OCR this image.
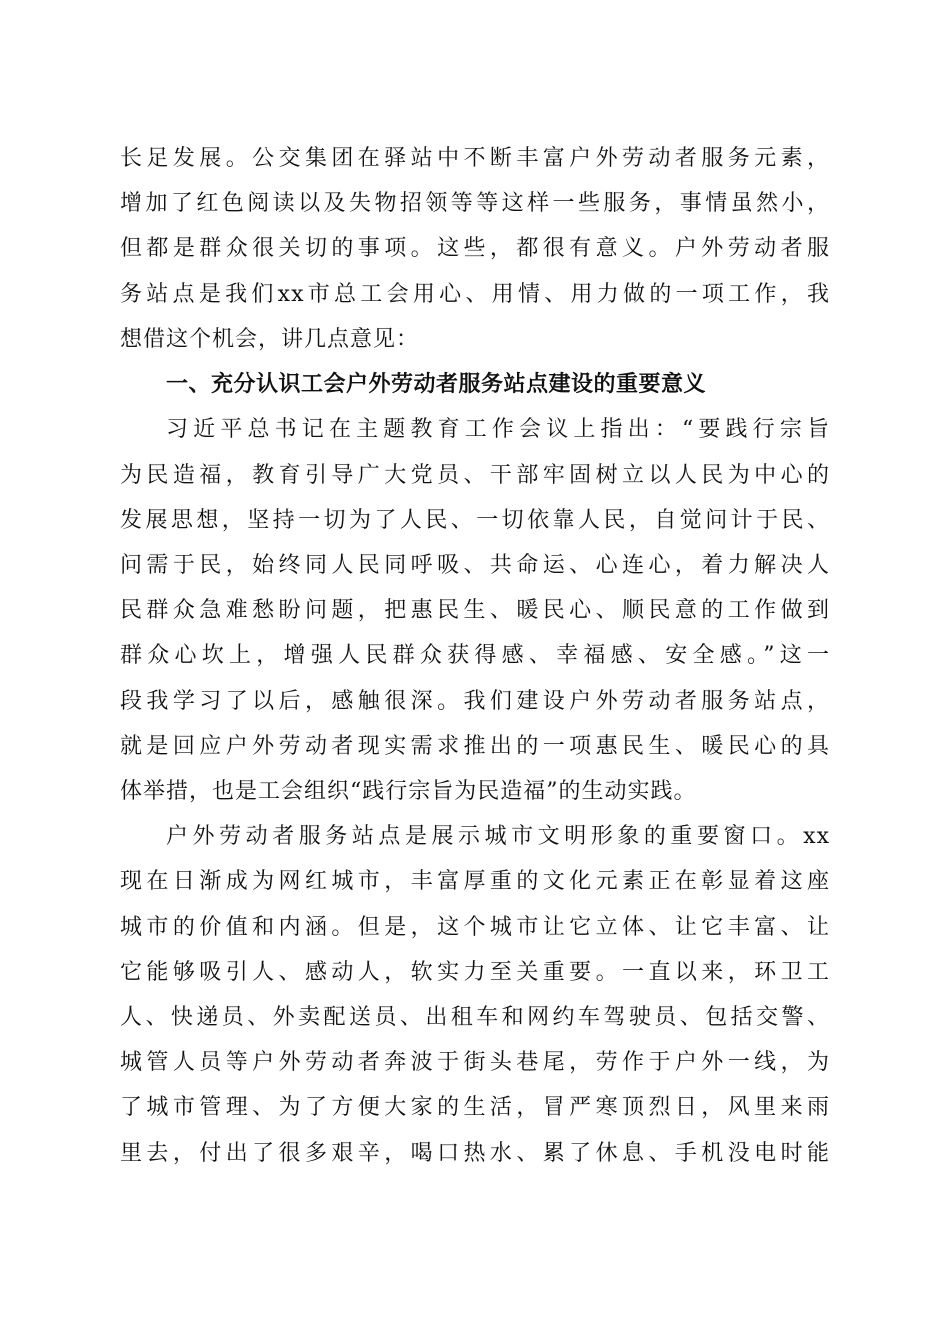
长足发展。公交集团在驿站中不断丰富户外劳动者服务元素，
增加了红色阅读以及失物招领等等这样一些服务，事情虽然小，
但都是群众很关切的事项。这些，都很有意义。户外劳动者服
务站点是我们xx市总工会用心、用情、用力做的一项工作，我
想借这个机会，讲几点意见：
一、充分认识工会户外劳动者服务站点建设的重要意义
习近平总书记在主题教育工作会议上指出：“要践行宗旨
为民造福，教育引导广大党员、干部牢固树立以人民为中心的
发展思想，坚持一切为了人民、一切依靠人民，自觉问计于民、
问需于民，始终同人民同呼吸、共命运、心连心，着力解决人
民群众急难愁盼问题，把惠民生、暖民心、顺民意的工作做到
群众心坎上，增强人民群众获得感、幸福感、安全感。”这一
段我学习了以后，感触很深。我们建设户外劳动者服务站点，
就是回应户外劳动者现实需求推出的一项惠民生、暖民心的具
体举措，也是工会组织“践行宗旨为民造福”的生动实践。
户外劳动者服务站点是展示城市文明形象的重要窗口。xx
现在日渐成为网红城市，丰富厚重的文化元素正在彰显着这座
城市的价值和内涵。但是，这个城市让它立体、让它丰富、让
它能够吸引人、感动人，软实力至关重要。一直以来，环卫工
人、快递员、外卖配送员、出租车和网约车驾驶员、包括交警、
城管人员等户外劳动者奔波于街头巷尾，劳作于户外一线，为
了城市管理、为了方便大家的生活，冒严寒顶烈日，风里来雨
里去，付出了很多艰辛，喝口热水、累了休息、手机没电时能
